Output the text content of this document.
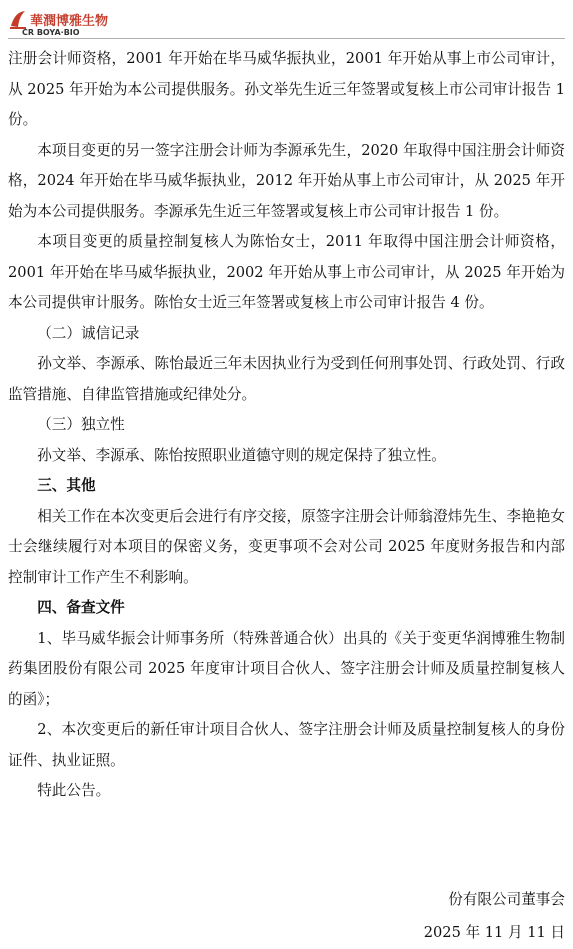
華潤博雅生物
CR BOYA·BIO

注册会计师资格，2001 年开始在毕马威华振执业，2001 年开始从事上市公司审计，从 2025 年开始为本公司提供服务。孙文举先生近三年签署或复核上市公司审计报告 1 份。

本项目变更的另一签字注册会计师为李源承先生，2020 年取得中国注册会计师资格，2024 年开始在毕马威华振执业，2012 年开始从事上市公司审计，从 2025 年开始为本公司提供服务。李源承先生近三年签署或复核上市公司审计报告 1 份。

本项目变更的质量控制复核人为陈怡女士，2011 年取得中国注册会计师资格，2001 年开始在毕马威华振执业，2002 年开始从事上市公司审计，从 2025 年开始为本公司提供审计服务。陈怡女士近三年签署或复核上市公司审计报告 4 份。

（二）诚信记录

孙文举、李源承、陈怡最近三年未因执业行为受到任何刑事处罚、行政处罚、行政监管措施、自律监管措施或纪律处分。

（三）独立性

孙文举、李源承、陈怡按照职业道德守则的规定保持了独立性。

三、其他

相关工作在本次变更后会进行有序交接，原签字注册会计师翁澄炜先生、李艳艳女士会继续履行对本项目的保密义务，变更事项不会对公司 2025 年度财务报告和内部控制审计工作产生不利影响。

四、备查文件

1、毕马威华振会计师事务所（特殊普通合伙）出具的《关于变更华润博雅生物制药集团股份有限公司 2025 年度审计项目合伙人、签字注册会计师及质量控制复核人的函》；

2、本次变更后的新任审计项目合伙人、签字注册会计师及质量控制复核人的身份证件、执业证照。

特此公告。

份有限公司董事会
2025 年 11 月 11 日
